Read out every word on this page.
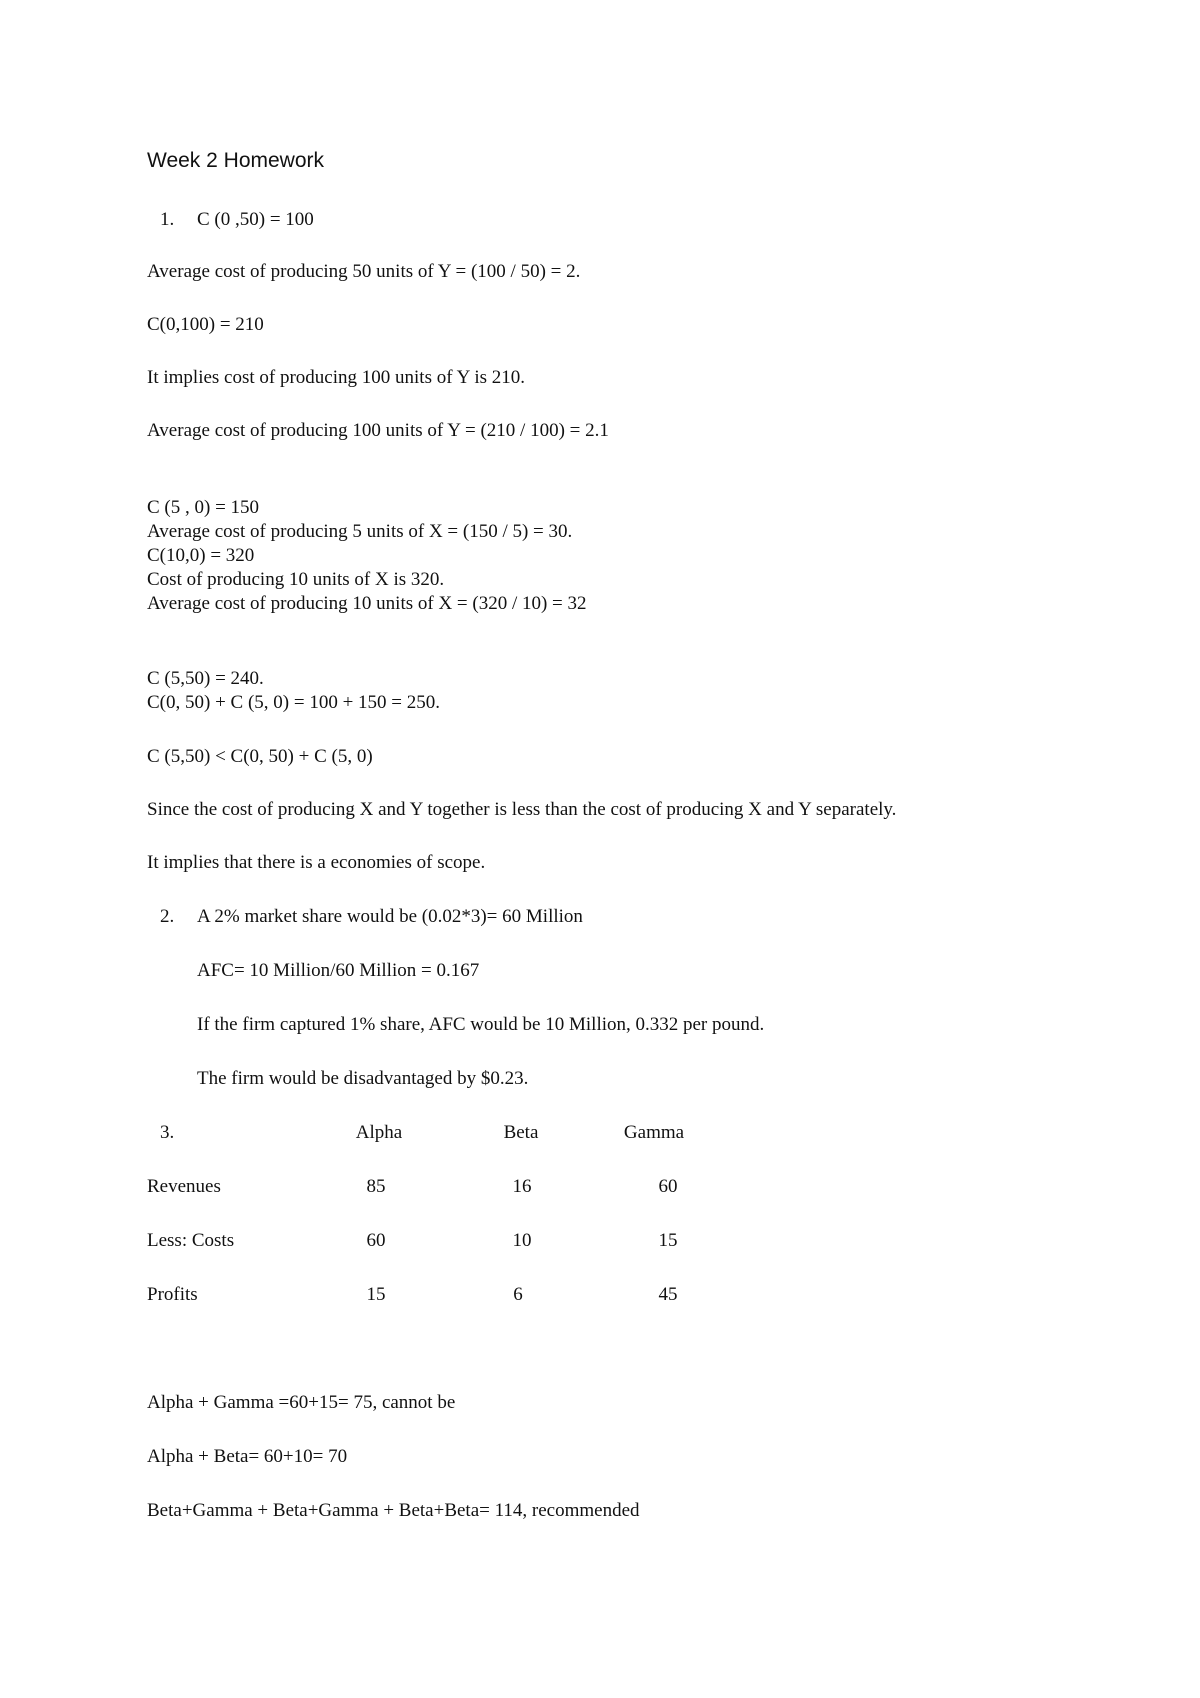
Week 2 Homework
1. C (0 ,50) = 100
Average cost of producing 50 units of Y = (100 / 50) = 2.
C(0,100) = 210
It implies cost of producing 100 units of Y is 210.
Average cost of producing 100 units of Y = (210 / 100) = 2.1
C (5 , 0) = 150
Average cost of producing 5 units of X = (150 / 5) = 30.
C(10,0) = 320
Cost of producing 10 units of X is 320.
Average cost of producing 10 units of X = (320 / 10) = 32
C (5,50) = 240.
C(0, 50) + C (5, 0) = 100 + 150 = 250.
C (5,50) < C(0, 50) + C (5, 0)
Since the cost of producing X and Y together is less than the cost of producing X and Y separately.
It implies that there is a economies of scope.
2. A 2% market share would be (0.02*3)= 60 Million
AFC= 10 Million/60 Million = 0.167
If the firm captured 1% share, AFC would be 10 Million, 0.332 per pound.
The firm would be disadvantaged by $0.23.
3.	Alpha	Beta	Gamma
Revenues	85	16	60
Less: Costs	60	10	15
Profits	15	6	45
Alpha + Gamma =60+15= 75, cannot be
Alpha + Beta= 60+10= 70
Beta+Gamma + Beta+Gamma + Beta+Beta= 114, recommended
